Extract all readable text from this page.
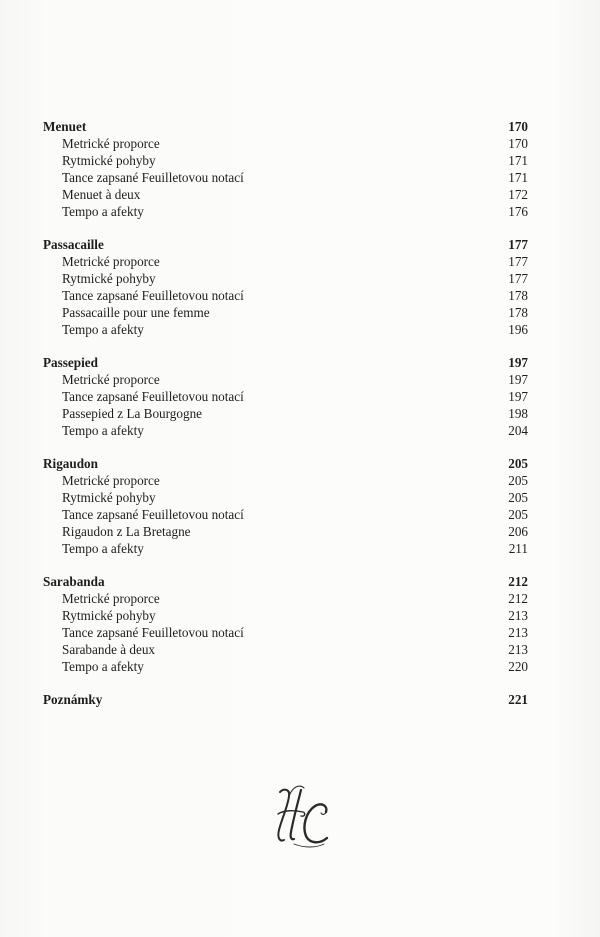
Menuet	170
Metrické proporce	170
Rytmické pohyby	171
Tance zapsané Feuilletovou notací	171
Menuet à deux	172
Tempo a afekty	176
Passacaille	177
Metrické proporce	177
Rytmické pohyby	177
Tance zapsané Feuilletovou notací	178
Passacaille pour une femme	178
Tempo a afekty	196
Passepied	197
Metrické proporce	197
Tance zapsané Feuilletovou notací	197
Passepied z La Bourgogne	198
Tempo a afekty	204
Rigaudon	205
Metrické proporce	205
Rytmické pohyby	205
Tance zapsané Feuilletovou notací	205
Rigaudon z La Bretagne	206
Tempo a afekty	211
Sarabanda	212
Metrické proporce	212
Rytmické pohyby	213
Tance zapsané Feuilletovou notací	213
Sarabande à deux	213
Tempo a afekty	220
Poznámky	221
